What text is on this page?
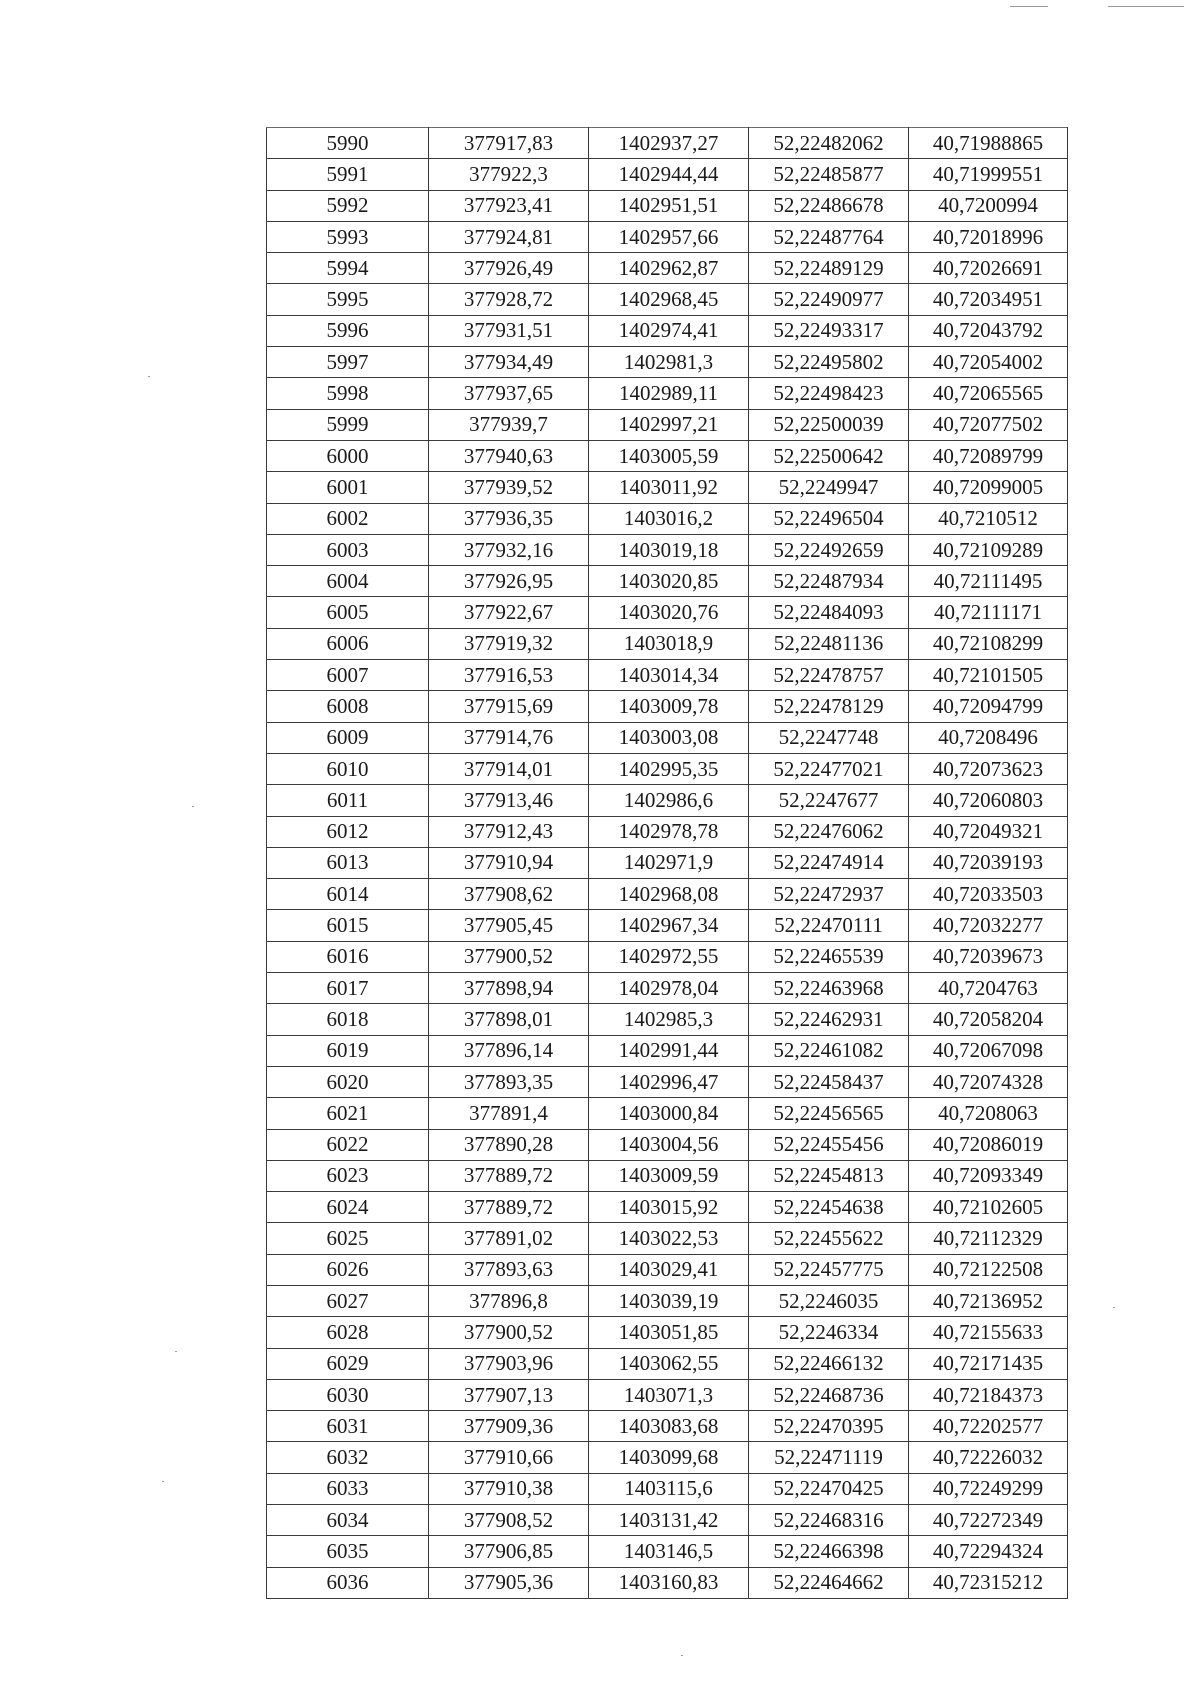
5990	377917,83	1402937,27	52,22482062	40,71988865
5991	377922,3	1402944,44	52,22485877	40,71999551
5992	377923,41	1402951,51	52,22486678	40,7200994
5993	377924,81	1402957,66	52,22487764	40,72018996
5994	377926,49	1402962,87	52,22489129	40,72026691
5995	377928,72	1402968,45	52,22490977	40,72034951
5996	377931,51	1402974,41	52,22493317	40,72043792
5997	377934,49	1402981,3	52,22495802	40,72054002
5998	377937,65	1402989,11	52,22498423	40,72065565
5999	377939,7	1402997,21	52,22500039	40,72077502
6000	377940,63	1403005,59	52,22500642	40,72089799
6001	377939,52	1403011,92	52,2249947	40,72099005
6002	377936,35	1403016,2	52,22496504	40,7210512
6003	377932,16	1403019,18	52,22492659	40,72109289
6004	377926,95	1403020,85	52,22487934	40,72111495
6005	377922,67	1403020,76	52,22484093	40,72111171
6006	377919,32	1403018,9	52,22481136	40,72108299
6007	377916,53	1403014,34	52,22478757	40,72101505
6008	377915,69	1403009,78	52,22478129	40,72094799
6009	377914,76	1403003,08	52,2247748	40,7208496
6010	377914,01	1402995,35	52,22477021	40,72073623
6011	377913,46	1402986,6	52,2247677	40,72060803
6012	377912,43	1402978,78	52,22476062	40,72049321
6013	377910,94	1402971,9	52,22474914	40,72039193
6014	377908,62	1402968,08	52,22472937	40,72033503
6015	377905,45	1402967,34	52,22470111	40,72032277
6016	377900,52	1402972,55	52,22465539	40,72039673
6017	377898,94	1402978,04	52,22463968	40,7204763
6018	377898,01	1402985,3	52,22462931	40,72058204
6019	377896,14	1402991,44	52,22461082	40,72067098
6020	377893,35	1402996,47	52,22458437	40,72074328
6021	377891,4	1403000,84	52,22456565	40,7208063
6022	377890,28	1403004,56	52,22455456	40,72086019
6023	377889,72	1403009,59	52,22454813	40,72093349
6024	377889,72	1403015,92	52,22454638	40,72102605
6025	377891,02	1403022,53	52,22455622	40,72112329
6026	377893,63	1403029,41	52,22457775	40,72122508
6027	377896,8	1403039,19	52,2246035	40,72136952
6028	377900,52	1403051,85	52,2246334	40,72155633
6029	377903,96	1403062,55	52,22466132	40,72171435
6030	377907,13	1403071,3	52,22468736	40,72184373
6031	377909,36	1403083,68	52,22470395	40,72202577
6032	377910,66	1403099,68	52,22471119	40,72226032
6033	377910,38	1403115,6	52,22470425	40,72249299
6034	377908,52	1403131,42	52,22468316	40,72272349
6035	377906,85	1403146,5	52,22466398	40,72294324
6036	377905,36	1403160,83	52,22464662	40,72315212
